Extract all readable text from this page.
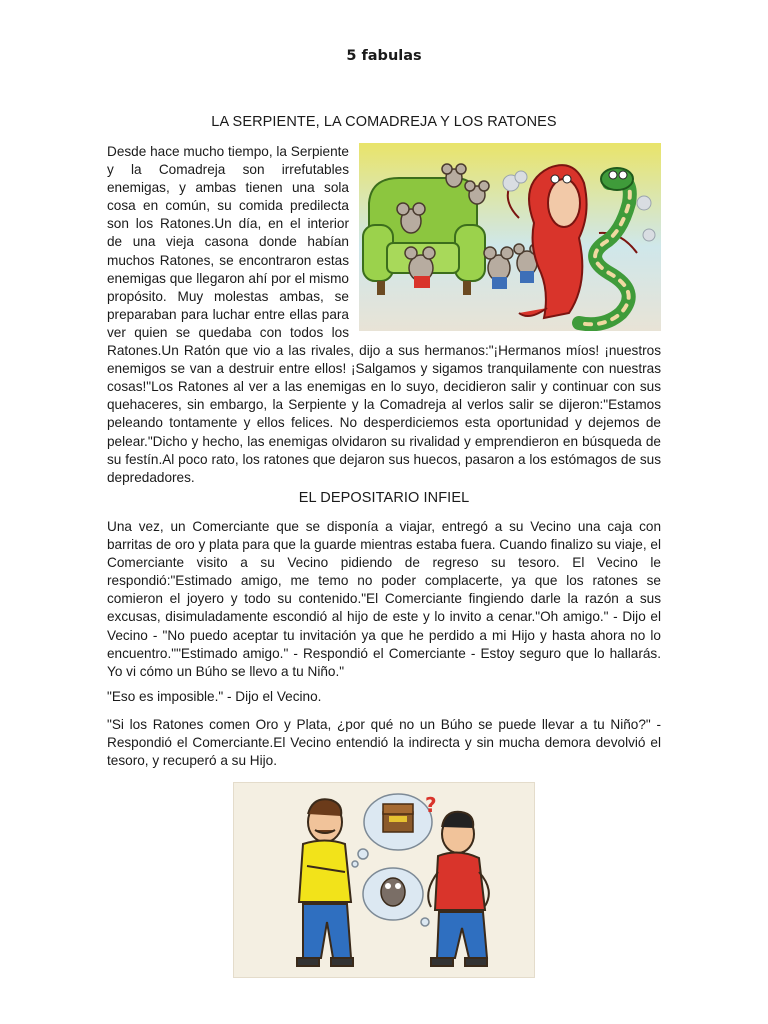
5 fabulas
LA SERPIENTE, LA COMADREJA Y LOS RATONES
Desde hace mucho tiempo, la Serpiente y la Comadreja son irrefutables enemigas, y ambas tienen una sola cosa en común, su comida predilecta son los Ratones.Un día, en el interior de una vieja casona donde habían muchos Ratones, se encontraron estas enemigas que llegaron ahí por el mismo propósito. Muy molestas ambas, se preparaban para luchar entre ellas para ver quien se quedaba con todos los Ratones.Un Ratón que vio a las rivales, dijo a sus hermanos:"¡Hermanos míos! ¡nuestros enemigos se van a destruir entre ellos! ¡Salgamos y sigamos tranquilamente con nuestras cosas!"Los Ratones al ver a las enemigas en lo suyo, decidieron salir y continuar con sus quehaceres, sin embargo, la Serpiente y la Comadreja al verlos salir se dijeron:"Estamos peleando tontamente y ellos felices. No desperdiciemos esta oportunidad y dejemos de pelear."Dicho y hecho, las enemigas olvidaron su rivalidad y emprendieron en búsqueda de su festín.Al poco rato, los ratones que dejaron sus huecos, pasaron a los estómagos de sus depredadores.
EL DEPOSITARIO INFIEL

Una vez, un Comerciante que se disponía a viajar, entregó a su Vecino una caja con barritas de oro y plata para que la guarde mientras estaba fuera. Cuando finalizo su viaje, el Comerciante visito a su Vecino pidiendo de regreso su tesoro. El Vecino le respondió:"Estimado amigo, me temo no poder complacerte, ya que los ratones se comieron el joyero y todo su contenido."El Comerciante fingiendo darle la razón a sus excusas, disimuladamente escondió al hijo de este y lo invito a cenar."Oh amigo." - Dijo el Vecino - "No puedo aceptar tu invitación ya que he perdido a mi Hijo y hasta ahora no lo encuentro.""Estimado amigo." - Respondió el Comerciante - Estoy seguro que lo hallarás. Yo vi cómo un Búho se llevo a tu Niño."

"Eso es imposible." - Dijo el Vecino.

"Si los Ratones comen Oro y Plata, ¿por qué no un Búho se puede llevar a tu Niño?" - Respondió el Comerciante.El Vecino entendió la indirecta y sin mucha demora devolvió el tesoro, y recuperó a su Hijo.

?
